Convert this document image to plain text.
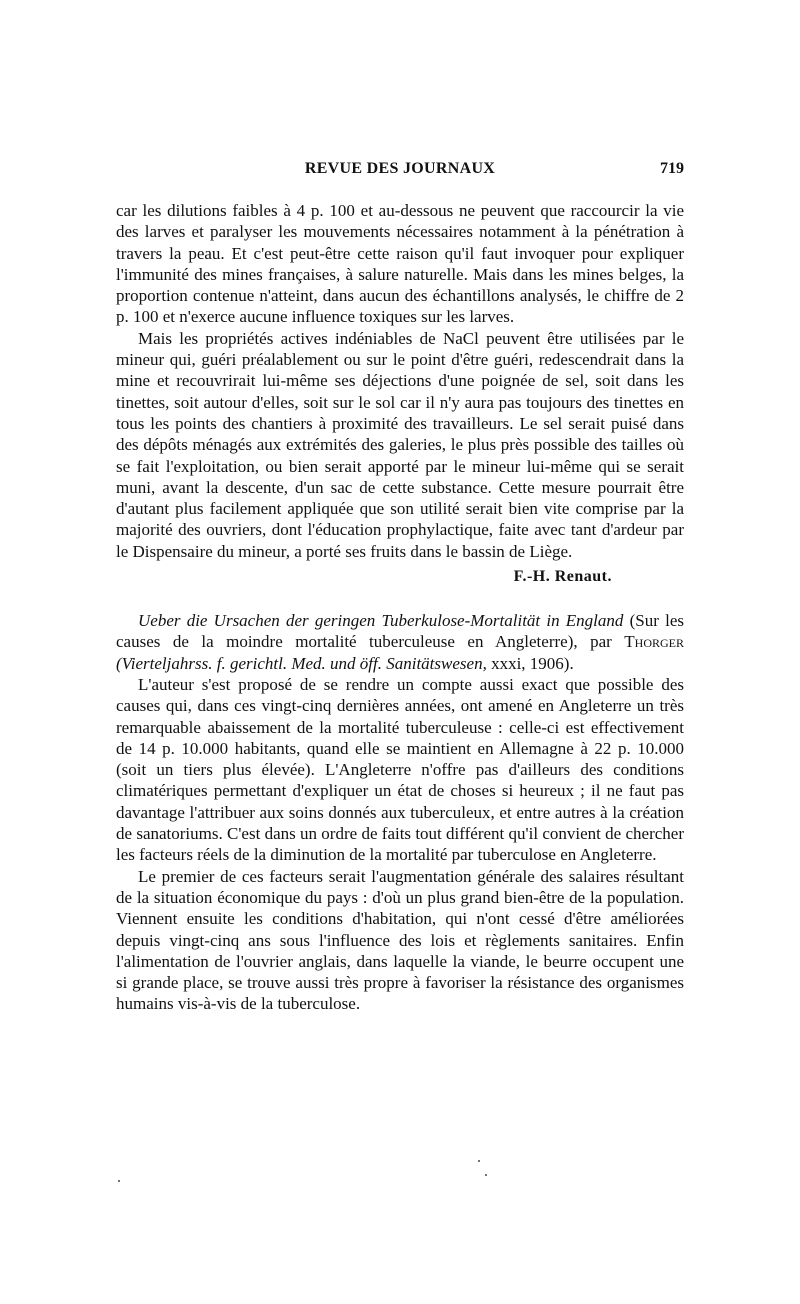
REVUE DES JOURNAUX	719

car les dilutions faibles à 4 p. 100 et au-dessous ne peuvent que raccourcir la vie des larves et paralyser les mouvements nécessaires notamment à la pénétration à travers la peau. Et c'est peut-être cette raison qu'il faut invoquer pour expliquer l'immunité des mines françaises, à salure naturelle. Mais dans les mines belges, la proportion contenue n'atteint, dans aucun des échantillons analysés, le chiffre de 2 p. 100 et n'exerce aucune influence toxiques sur les larves.

Mais les propriétés actives indéniables de NaCl peuvent être utilisées par le mineur qui, guéri préalablement ou sur le point d'être guéri, redescendrait dans la mine et recouvrirait lui-même ses déjections d'une poignée de sel, soit dans les tinettes, soit autour d'elles, soit sur le sol car il n'y aura pas toujours des tinettes en tous les points des chantiers à proximité des travailleurs. Le sel serait puisé dans des dépôts ménagés aux extrémités des galeries, le plus près possible des tailles où se fait l'exploitation, ou bien serait apporté par le mineur lui-même qui se serait muni, avant la descente, d'un sac de cette substance. Cette mesure pourrait être d'autant plus facilement appliquée que son utilité serait bien vite comprise par la majorité des ouvriers, dont l'éducation prophylactique, faite avec tant d'ardeur par le Dispensaire du mineur, a porté ses fruits dans le bassin de Liège.

F.-H. Renaut.

Ueber die Ursachen der geringen Tuberkulose-Mortalität in England (Sur les causes de la moindre mortalité tuberculeuse en Angleterre), par Thorger (Vierteljahrss. f. gerichtl. Med. und öff. Sanitätswesen, xxxi, 1906).

L'auteur s'est proposé de se rendre un compte aussi exact que possible des causes qui, dans ces vingt-cinq dernières années, ont amené en Angleterre un très remarquable abaissement de la mortalité tuberculeuse : celle-ci est effectivement de 14 p. 10.000 habitants, quand elle se maintient en Allemagne à 22 p. 10.000 (soit un tiers plus élevée). L'Angleterre n'offre pas d'ailleurs des conditions climatériques permettant d'expliquer un état de choses si heureux ; il ne faut pas davantage l'attribuer aux soins donnés aux tuberculeux, et entre autres à la création de sanatoriums. C'est dans un ordre de faits tout différent qu'il convient de chercher les facteurs réels de la diminution de la mortalité par tuberculose en Angleterre.

Le premier de ces facteurs serait l'augmentation générale des salaires résultant de la situation économique du pays : d'où un plus grand bien-être de la population. Viennent ensuite les conditions d'habitation, qui n'ont cessé d'être améliorées depuis vingt-cinq ans sous l'influence des lois et règlements sanitaires. Enfin l'alimentation de l'ouvrier anglais, dans laquelle la viande, le beurre occupent une si grande place, se trouve aussi très propre à favoriser la résistance des organismes humains vis-à-vis de la tuberculose.
